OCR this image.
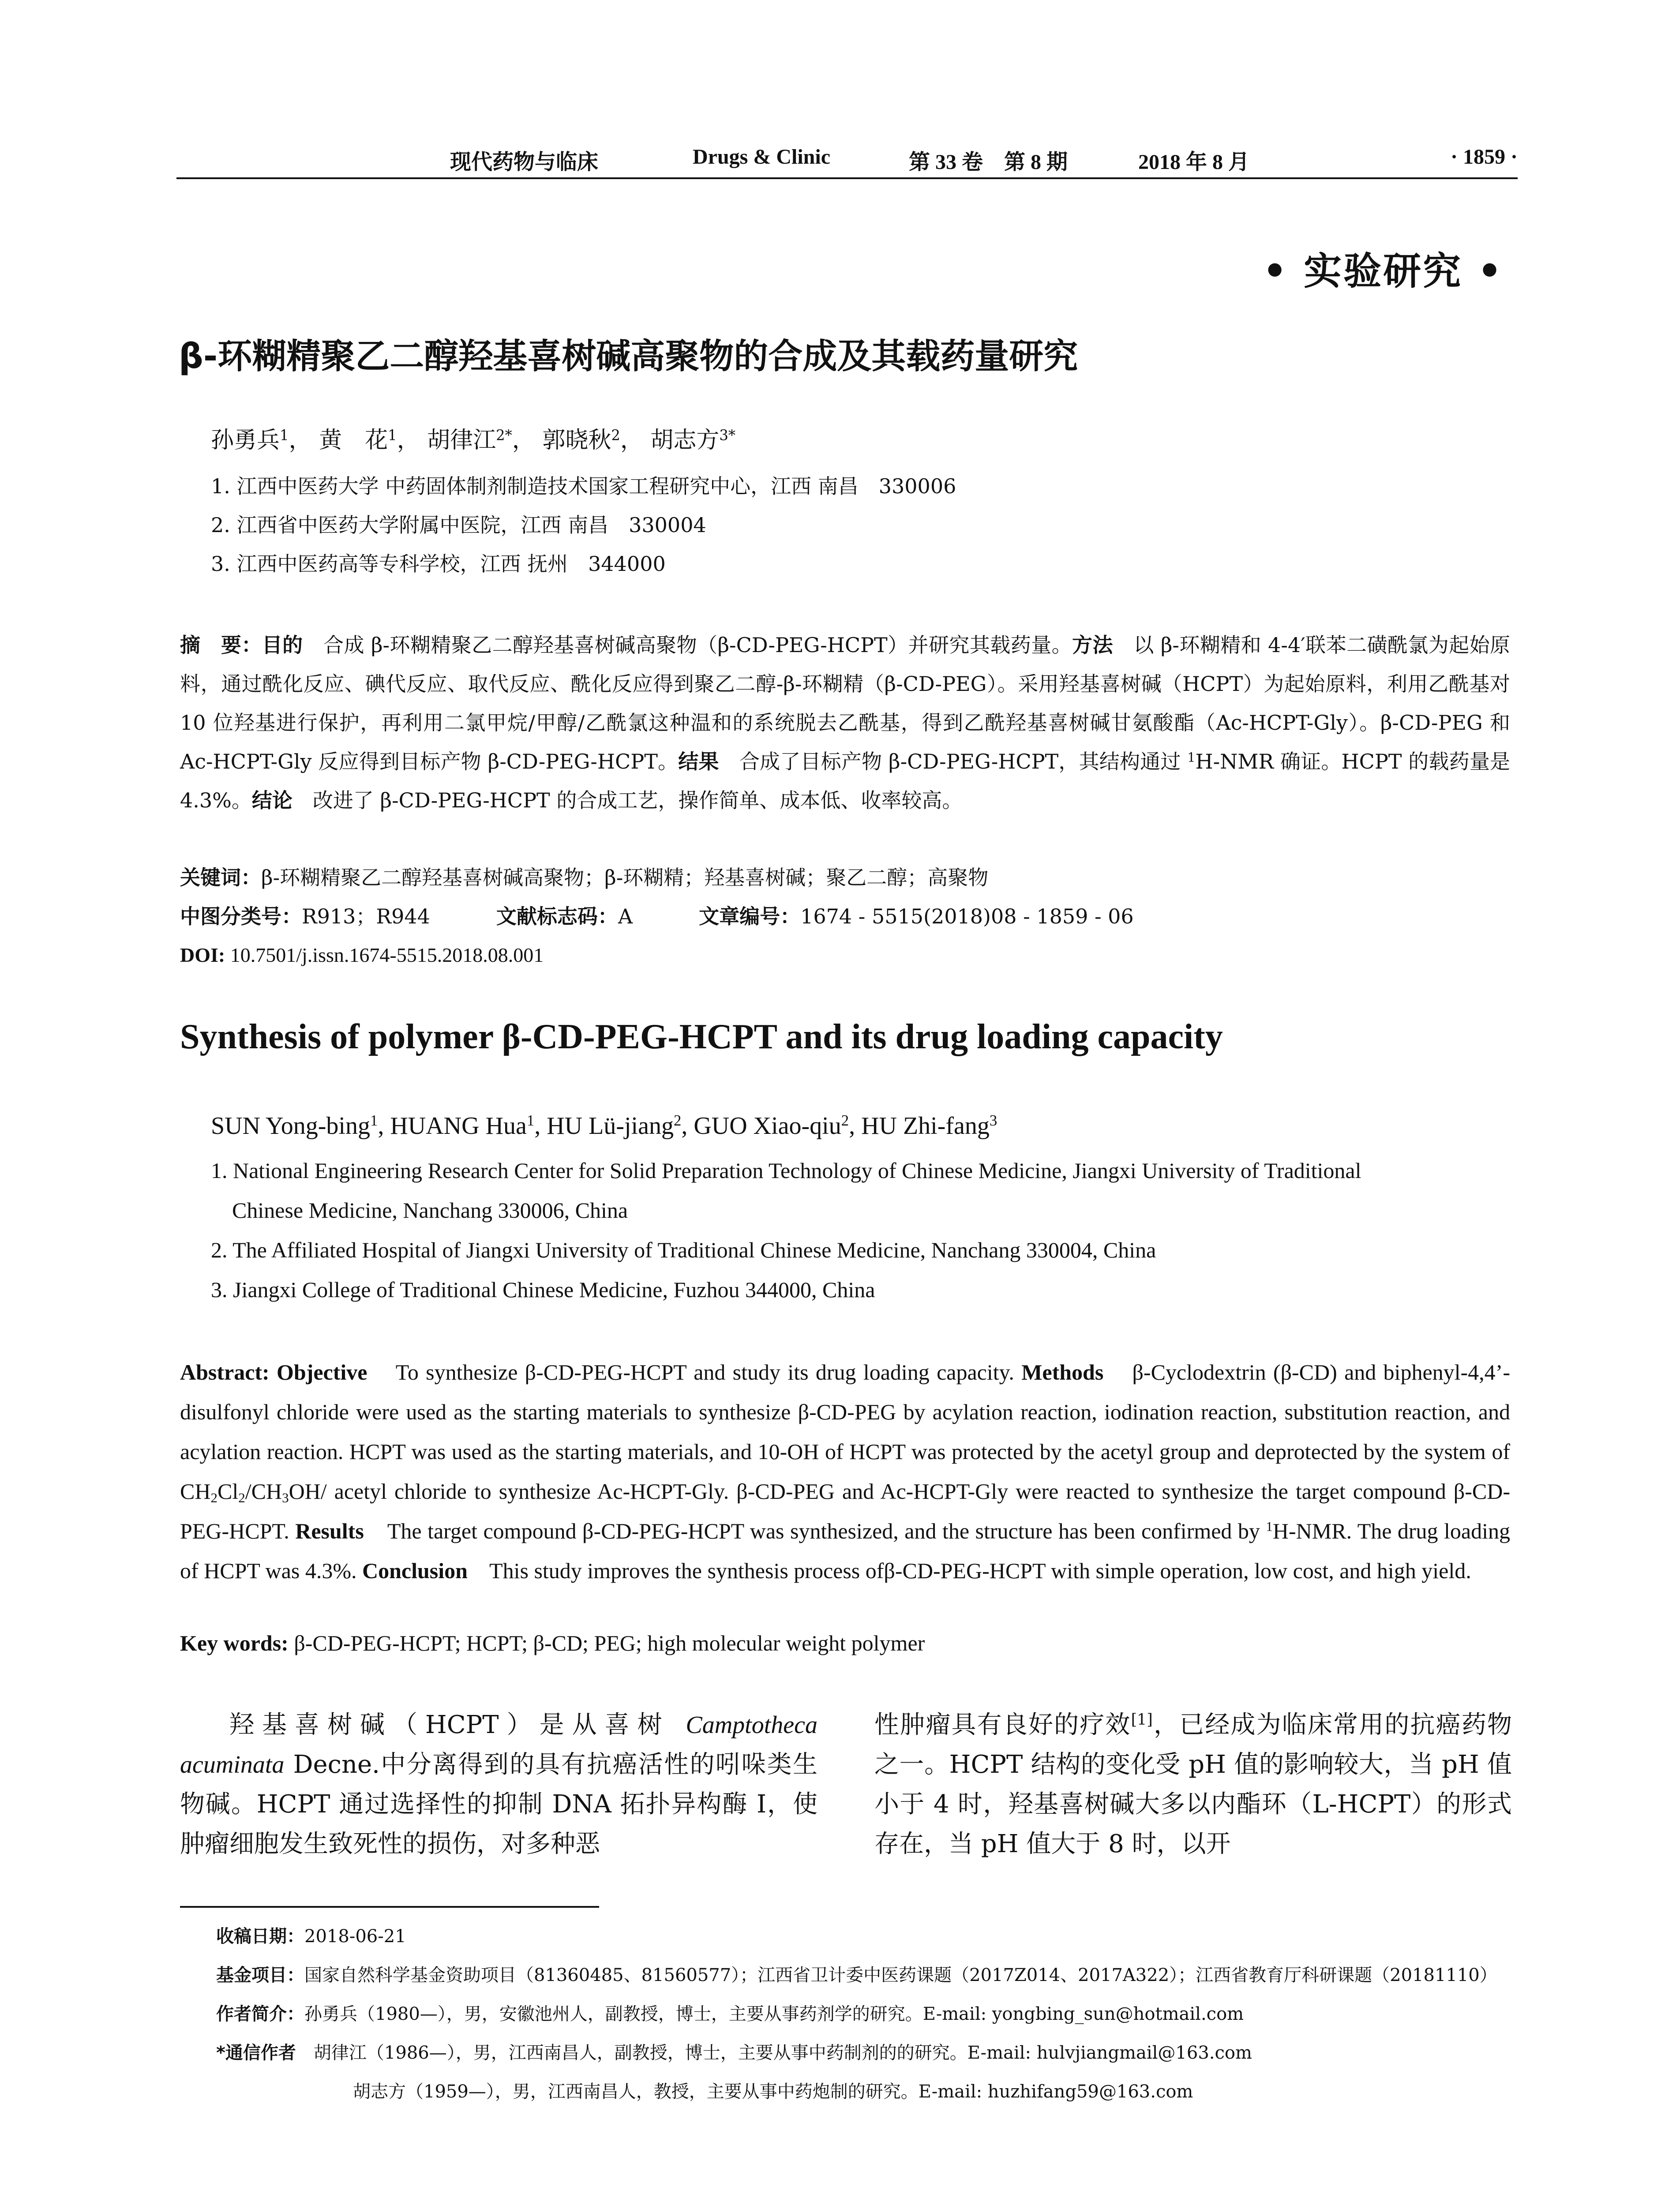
现代药物与临床	Drugs & Clinic	第 33 卷　第 8 期	2018 年 8 月	· 1859 ·
• 实验研究 •
β-环糊精聚乙二醇羟基喜树碱高聚物的合成及其载药量研究
孙勇兵$^1$， 黄　花$^1$， 胡律江$^{2*}$， 郭晓秋$^2$， 胡志方$^{3*}$
1. 江西中医药大学 中药固体制剂制造技术国家工程研究中心，江西 南昌　330006
2. 江西省中医药大学附属中医院，江西 南昌　330004
3. 江西中医药高等专科学校，江西 抚州　344000
摘　要：目的　 合成 β-环糊精聚乙二醇羟基喜树碱高聚物（β-CD-PEG-HCPT）并研究其载药量。方法　 以 β-环糊精和 4-4′联苯二磺酰氯为起始原料，通过酰化反应、碘代反应、取代反应、酰化反应得到聚乙二醇-β-环糊精（β-CD-PEG）。采用羟基喜树碱（HCPT）为起始原料，利用乙酰基对 10 位羟基进行保护，再利用二氯甲烷/甲醇/乙酰氯这种温和的系统脱去乙酰基，得到乙酰羟基喜树碱甘氨酸酯（Ac-HCPT-Gly）。β-CD-PEG 和 Ac-HCPT-Gly 反应得到目标产物 β-CD-PEG-HCPT。结果　 合成了目标产物 β-CD-PEG-HCPT，其结构通过 $^1$H-NMR 确证。HCPT 的载药量是 4.3%。结论　 改进了 β-CD-PEG-HCPT 的合成工艺，操作简单、成本低、收率较高。
关键词：β-环糊精聚乙二醇羟基喜树碱高聚物；β-环糊精；羟基喜树碱；聚乙二醇；高聚物
中图分类号：R913；R944	文献标志码：A	文章编号：1674 - 5515(2018)08 - 1859 - 06
DOI: 10.7501/j.issn.1674-5515.2018.08.001
Synthesis of polymer β-CD-PEG-HCPT and its drug loading capacity
SUN Yong-bing$^1$, HUANG Hua$^1$, HU Lü-jiang$^2$, GUO Xiao-qiu$^2$, HU Zhi-fang$^3$
1. National Engineering Research Center for Solid Preparation Technology of Chinese Medicine, Jiangxi University of Traditional
Chinese Medicine, Nanchang 330006, China
2. The Affiliated Hospital of Jiangxi University of Traditional Chinese Medicine, Nanchang 330004, China
3. Jiangxi College of Traditional Chinese Medicine, Fuzhou 344000, China
Abstract: Objective To synthesize β-CD-PEG-HCPT and study its drug loading capacity. Methods β-Cyclodextrin (β-CD) and biphenyl-4,4’-disulfonyl chloride were used as the starting materials to synthesize β-CD-PEG by acylation reaction, iodination reaction, substitution reaction, and acylation reaction. HCPT was used as the starting materials, and 10-OH of HCPT was protected by the acetyl group and deprotected by the system of $CH_2Cl_2/CH_3OH/$ acetyl chloride to synthesize Ac-HCPT-Gly. β-CD-PEG and Ac-HCPT-Gly were reacted to synthesize the target compound β-CD-PEG-HCPT. Results The target compound β-CD-PEG-HCPT was synthesized, and the structure has been confirmed by $^1$H-NMR. The drug loading of HCPT was 4.3%. Conclusion This study improves the synthesis process ofβ-CD-PEG-HCPT with simple operation, low cost, and high yield.
Key words: β-CD-PEG-HCPT; HCPT; β-CD; PEG; high molecular weight polymer
羟基喜树碱（HCPT）是从喜树 Camptotheca acuminata Decne.中分离得到的具有抗癌活性的吲哚类生物碱。HCPT 通过选择性的抑制 DNA 拓扑异构酶 I，使肿瘤细胞发生致死性的损伤，对多种恶
性肿瘤具有良好的疗效[1]，已经成为临床常用的抗癌药物之一。HCPT 结构的变化受 pH 值的影响较大，当 pH 值小于 4 时，羟基喜树碱大多以内酯环（L-HCPT）的形式存在，当 pH 值大于 8 时，以开
收稿日期：2018-06-21
基金项目：国家自然科学基金资助项目（81360485、81560577）；江西省卫计委中医药课题（2017Z014、2017A322）；江西省教育厅科研课题（20181110）
作者简介：孙勇兵（1980—），男，安徽池州人，副教授，博士，主要从事药剂学的研究。E-mail: yongbing_sun@hotmail.com
*通信作者　 胡律江（1986—），男，江西南昌人，副教授，博士，主要从事中药制剂的的研究。E-mail: hulvjiangmail@163.com
胡志方（1959—），男，江西南昌人，教授，主要从事中药炮制的研究。E-mail: huzhifang59@163.com
